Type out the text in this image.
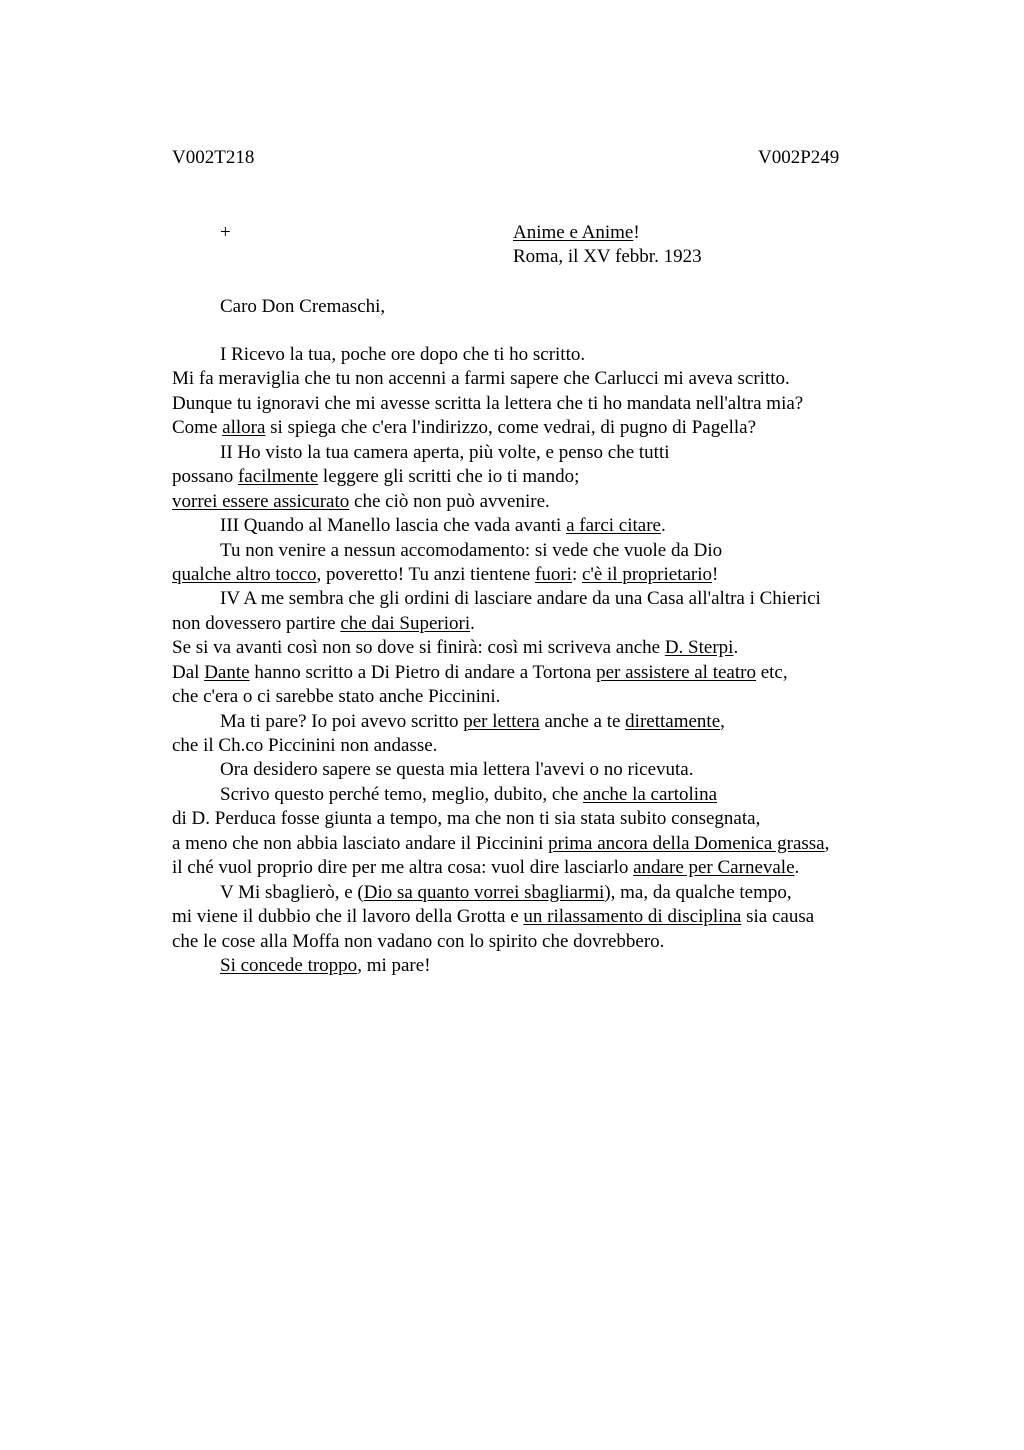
V002T218	V002P249
+	Anime e Anime!
Roma, il XV febbr. 1923
Caro Don Cremaschi,
I Ricevo la tua, poche ore dopo che ti ho scritto.
Mi fa meraviglia che tu non accenni a farmi sapere che Carlucci mi aveva scritto.
Dunque tu ignoravi che mi avesse scritta la lettera che ti ho mandata nell'altra mia?
Come allora si spiega che c'era l'indirizzo, come vedrai, di pugno di Pagella?
II Ho visto la tua camera aperta, più volte, e penso che tutti
possano facilmente leggere gli scritti che io ti mando;
vorrei essere assicurato che ciò non può avvenire.
III Quando al Manello lascia che vada avanti a farci citare.
Tu non venire a nessun accomodamento: si vede che vuole da Dio
qualche altro tocco, poveretto! Tu anzi tientene fuori: c'è il proprietario!
IV A me sembra che gli ordini di lasciare andare da una Casa all'altra i Chierici
non dovessero partire che dai Superiori.
Se si va avanti così non so dove si finirà: così mi scriveva anche D. Sterpi.
Dal Dante hanno scritto a Di Pietro di andare a Tortona per assistere al teatro etc,
che c'era o ci sarebbe stato anche Piccinini.
Ma ti pare? Io poi avevo scritto per lettera anche a te direttamente,
che il Ch.co Piccinini non andasse.
Ora desidero sapere se questa mia lettera l'avevi o no ricevuta.
Scrivo questo perché temo, meglio, dubito, che anche la cartolina
di D. Perduca fosse giunta a tempo, ma che non ti sia stata subito consegnata,
a meno che non abbia lasciato andare il Piccinini prima ancora della Domenica grassa,
il ché vuol proprio dire per me altra cosa: vuol dire lasciarlo andare per Carnevale.
V Mi sbaglierò, e (Dio sa quanto vorrei sbagliarmi), ma, da qualche tempo,
mi viene il dubbio che il lavoro della Grotta e un rilassamento di disciplina sia causa
che le cose alla Moffa non vadano con lo spirito che dovrebbero.
Si concede troppo, mi pare!
